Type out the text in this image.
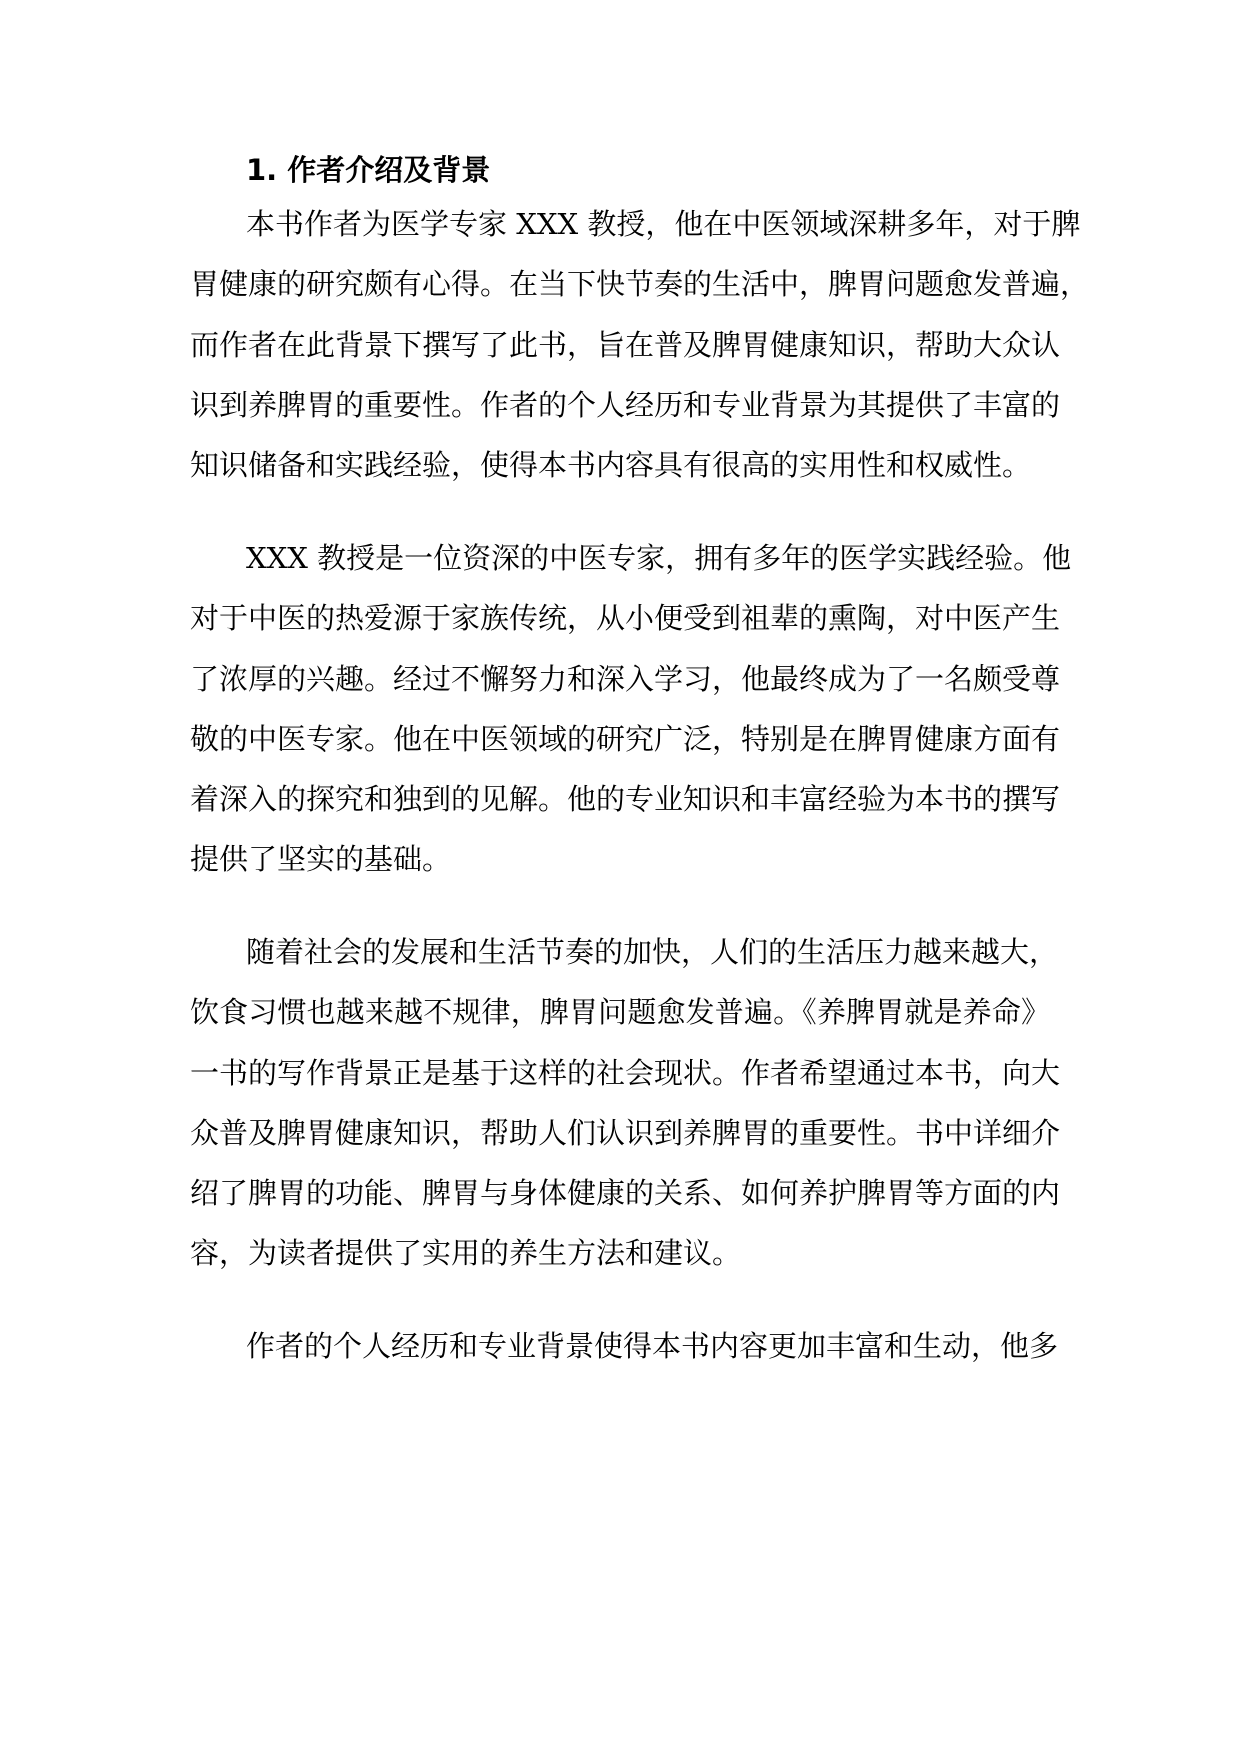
1. 作者介绍及背景
本书作者为医学专家 XXX 教授，他在中医领域深耕多年，对于脾
胃健康的研究颇有心得。在当下快节奏的生活中，脾胃问题愈发普遍，
而作者在此背景下撰写了此书，旨在普及脾胃健康知识，帮助大众认
识到养脾胃的重要性。作者的个人经历和专业背景为其提供了丰富的
知识储备和实践经验，使得本书内容具有很高的实用性和权威性。
XXX 教授是一位资深的中医专家，拥有多年的医学实践经验。他
对于中医的热爱源于家族传统，从小便受到祖辈的熏陶，对中医产生
了浓厚的兴趣。经过不懈努力和深入学习，他最终成为了一名颇受尊
敬的中医专家。他在中医领域的研究广泛，特别是在脾胃健康方面有
着深入的探究和独到的见解。他的专业知识和丰富经验为本书的撰写
提供了坚实的基础。
随着社会的发展和生活节奏的加快，人们的生活压力越来越大，
饮食习惯也越来越不规律，脾胃问题愈发普遍。《养脾胃就是养命》
一书的写作背景正是基于这样的社会现状。作者希望通过本书，向大
众普及脾胃健康知识，帮助人们认识到养脾胃的重要性。书中详细介
绍了脾胃的功能、脾胃与身体健康的关系、如何养护脾胃等方面的内
容，为读者提供了实用的养生方法和建议。
作者的个人经历和专业背景使得本书内容更加丰富和生动，他多
